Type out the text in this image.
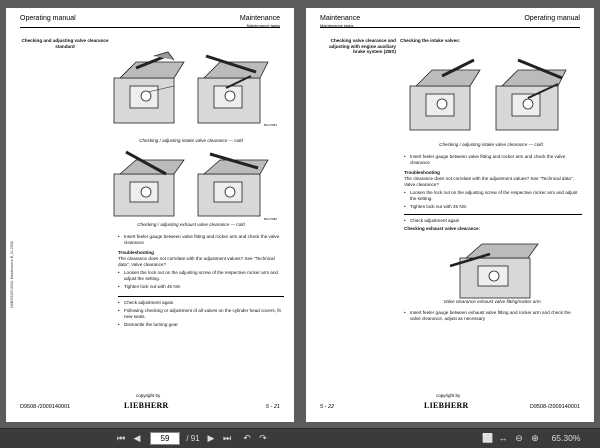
Operating manual	Maintenance
Maintenance tasks
LWB/09/2013/001 Maintenance B_01.2008
Checking and adjusting valve clearance standard
BA 07081
Checking / adjusting intake valve clearance — cold
BA 07082
Checking / adjusting exhaust valve clearance — cold
• Insert feeler gauge between valve fitting and rocker arm and check the valve clearance
Troubleshooting
The clearance does not correlate with the adjustment values? See "Technical data", Valve clearance?
• Loosen the lock nut on the adjusting screw of the respective rocker arm and adjust the setting.
• Tighten lock nut with 45 Nm
• Check adjustment again
• Following checking or adjustment of all valves on the cylinder head covers, fit new seals.
• Dismantle the turning gear
copyright by
LIEBHERR
D9508-/2009140001	5 - 21
Maintenance	Operating manual
Maintenance tasks
Checking valve clearance and adjusting with engine auxiliary brake system (ZBS)
Checking the intake valves:
Checking / adjusting intake valve clearance — cold
• Insert feeler gauge between valve fitting and rocker arm and check the valve clearance
Troubleshooting
The clearance does not correlate with the adjustment values? See "Technical data", Valve clearance?
• Loosen the lock nut on the adjusting screw of the respective rocker arm and adjust the setting.
• Tighten lock nut with 45 Nm
• Check adjustment again
Checking exhaust valve clearance:
Valve clearance exhaust valve fitting/rocker arm
• Insert feeler gauge between exhaust valve fitting and rocker arm and check the valve clearance, adjust as necessary
copyright by
LIEBHERR
5 - 22	D9508-/2009140001
⏮ ◀	59	/ 91 ▶ ⏭ ↶ ↷	⬜ ↔ ⊖ ⊕	65.30%
